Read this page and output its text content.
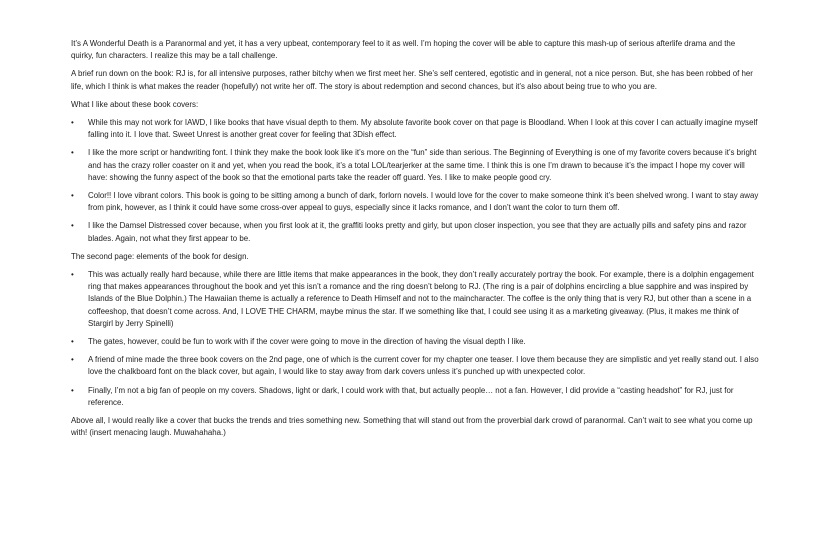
It’s A Wonderful Death is a Paranormal and yet, it has a very upbeat, contemporary feel to it as well. I’m hoping the cover will be able to capture this mash-up of serious afterlife drama and the quirky, fun characters. I realize this may be a tall challenge.

A brief run down on the book: RJ is, for all intensive purposes, rather bitchy when we first meet her. She’s self centered, egotistic and in general, not a nice person. But, she has been robbed of her life, which I think is what makes the reader (hopefully) not write her off. The story is about redemption and second chances, but it’s also about being true to who you are.

What I like about these book covers:

• While this may not work for IAWD, I like books that have visual depth to them. My absolute favorite book cover on that page is Bloodland. When I look at this cover I can actually imagine myself falling into it. I love that. Sweet Unrest is another great cover for feeling that 3Dish effect.
• I like the more script or handwriting font. I think they make the book look like it’s more on the “fun” side than serious. The Beginning of Everything is one of my favorite covers because it’s bright and has the crazy roller coaster on it and yet, when you read the book, it’s a total LOL/tearjerker at the same time. I think this is one I’m drawn to because it’s the impact I hope my cover will have: showing the funny aspect of the book so that the emotional parts take the reader off guard. Yes. I like to make people good cry.
• Color!! I love vibrant colors. This book is going to be sitting among a bunch of dark, forlorn novels. I would love for the cover to make someone think it’s been shelved wrong. I want to stay away from pink, however, as I think it could have some cross-over appeal to guys, especially since it lacks romance, and I don’t want the color to turn them off.
• I like the Damsel Distressed cover because, when you first look at it, the graffiti looks pretty and girly, but upon closer inspection, you see that they are actually pills and safety pins and razor blades. Again, not what they first appear to be.

The second page: elements of the book for design.

• This was actually really hard because, while there are little items that make appearances in the book, they don’t really accurately portray the book. For example, there is a dolphin engagement ring that makes appearances throughout the book and yet this isn’t a romance and the ring doesn’t belong to RJ. (The ring is a pair of dolphins encircling a blue sapphire and was inspired by Islands of the Blue Dolphin.) The Hawaiian theme is actually a reference to Death Himself and not to the maincharacter. The coffee is the only thing that is very RJ, but other than a scene in a coffeeshop, that doesn’t come across. And, I LOVE THE CHARM, maybe minus the star. If we something like that, I could see using it as a marketing giveaway. (Plus, it makes me think of Stargirl by Jerry Spinelli)
• The gates, however, could be fun to work with if the cover were going to move in the direction of having the visual depth I like.
• A friend of mine made the three book covers on the 2nd page, one of which is the current cover for my chapter one teaser. I love them because they are simplistic and yet really stand out. I also love the chalkboard font on the black cover, but again, I would like to stay away from dark covers unless it’s punched up with unexpected color.
• Finally, I’m not a big fan of people on my covers. Shadows, light or dark, I could work with that, but actually people… not a fan. However, I did provide a “casting headshot” for RJ, just for reference.

Above all, I would really like a cover that bucks the trends and tries something new. Something that will stand out from the proverbial dark crowd of paranormal. Can’t wait to see what you come up with! (insert menacing laugh. Muwahahaha.)
